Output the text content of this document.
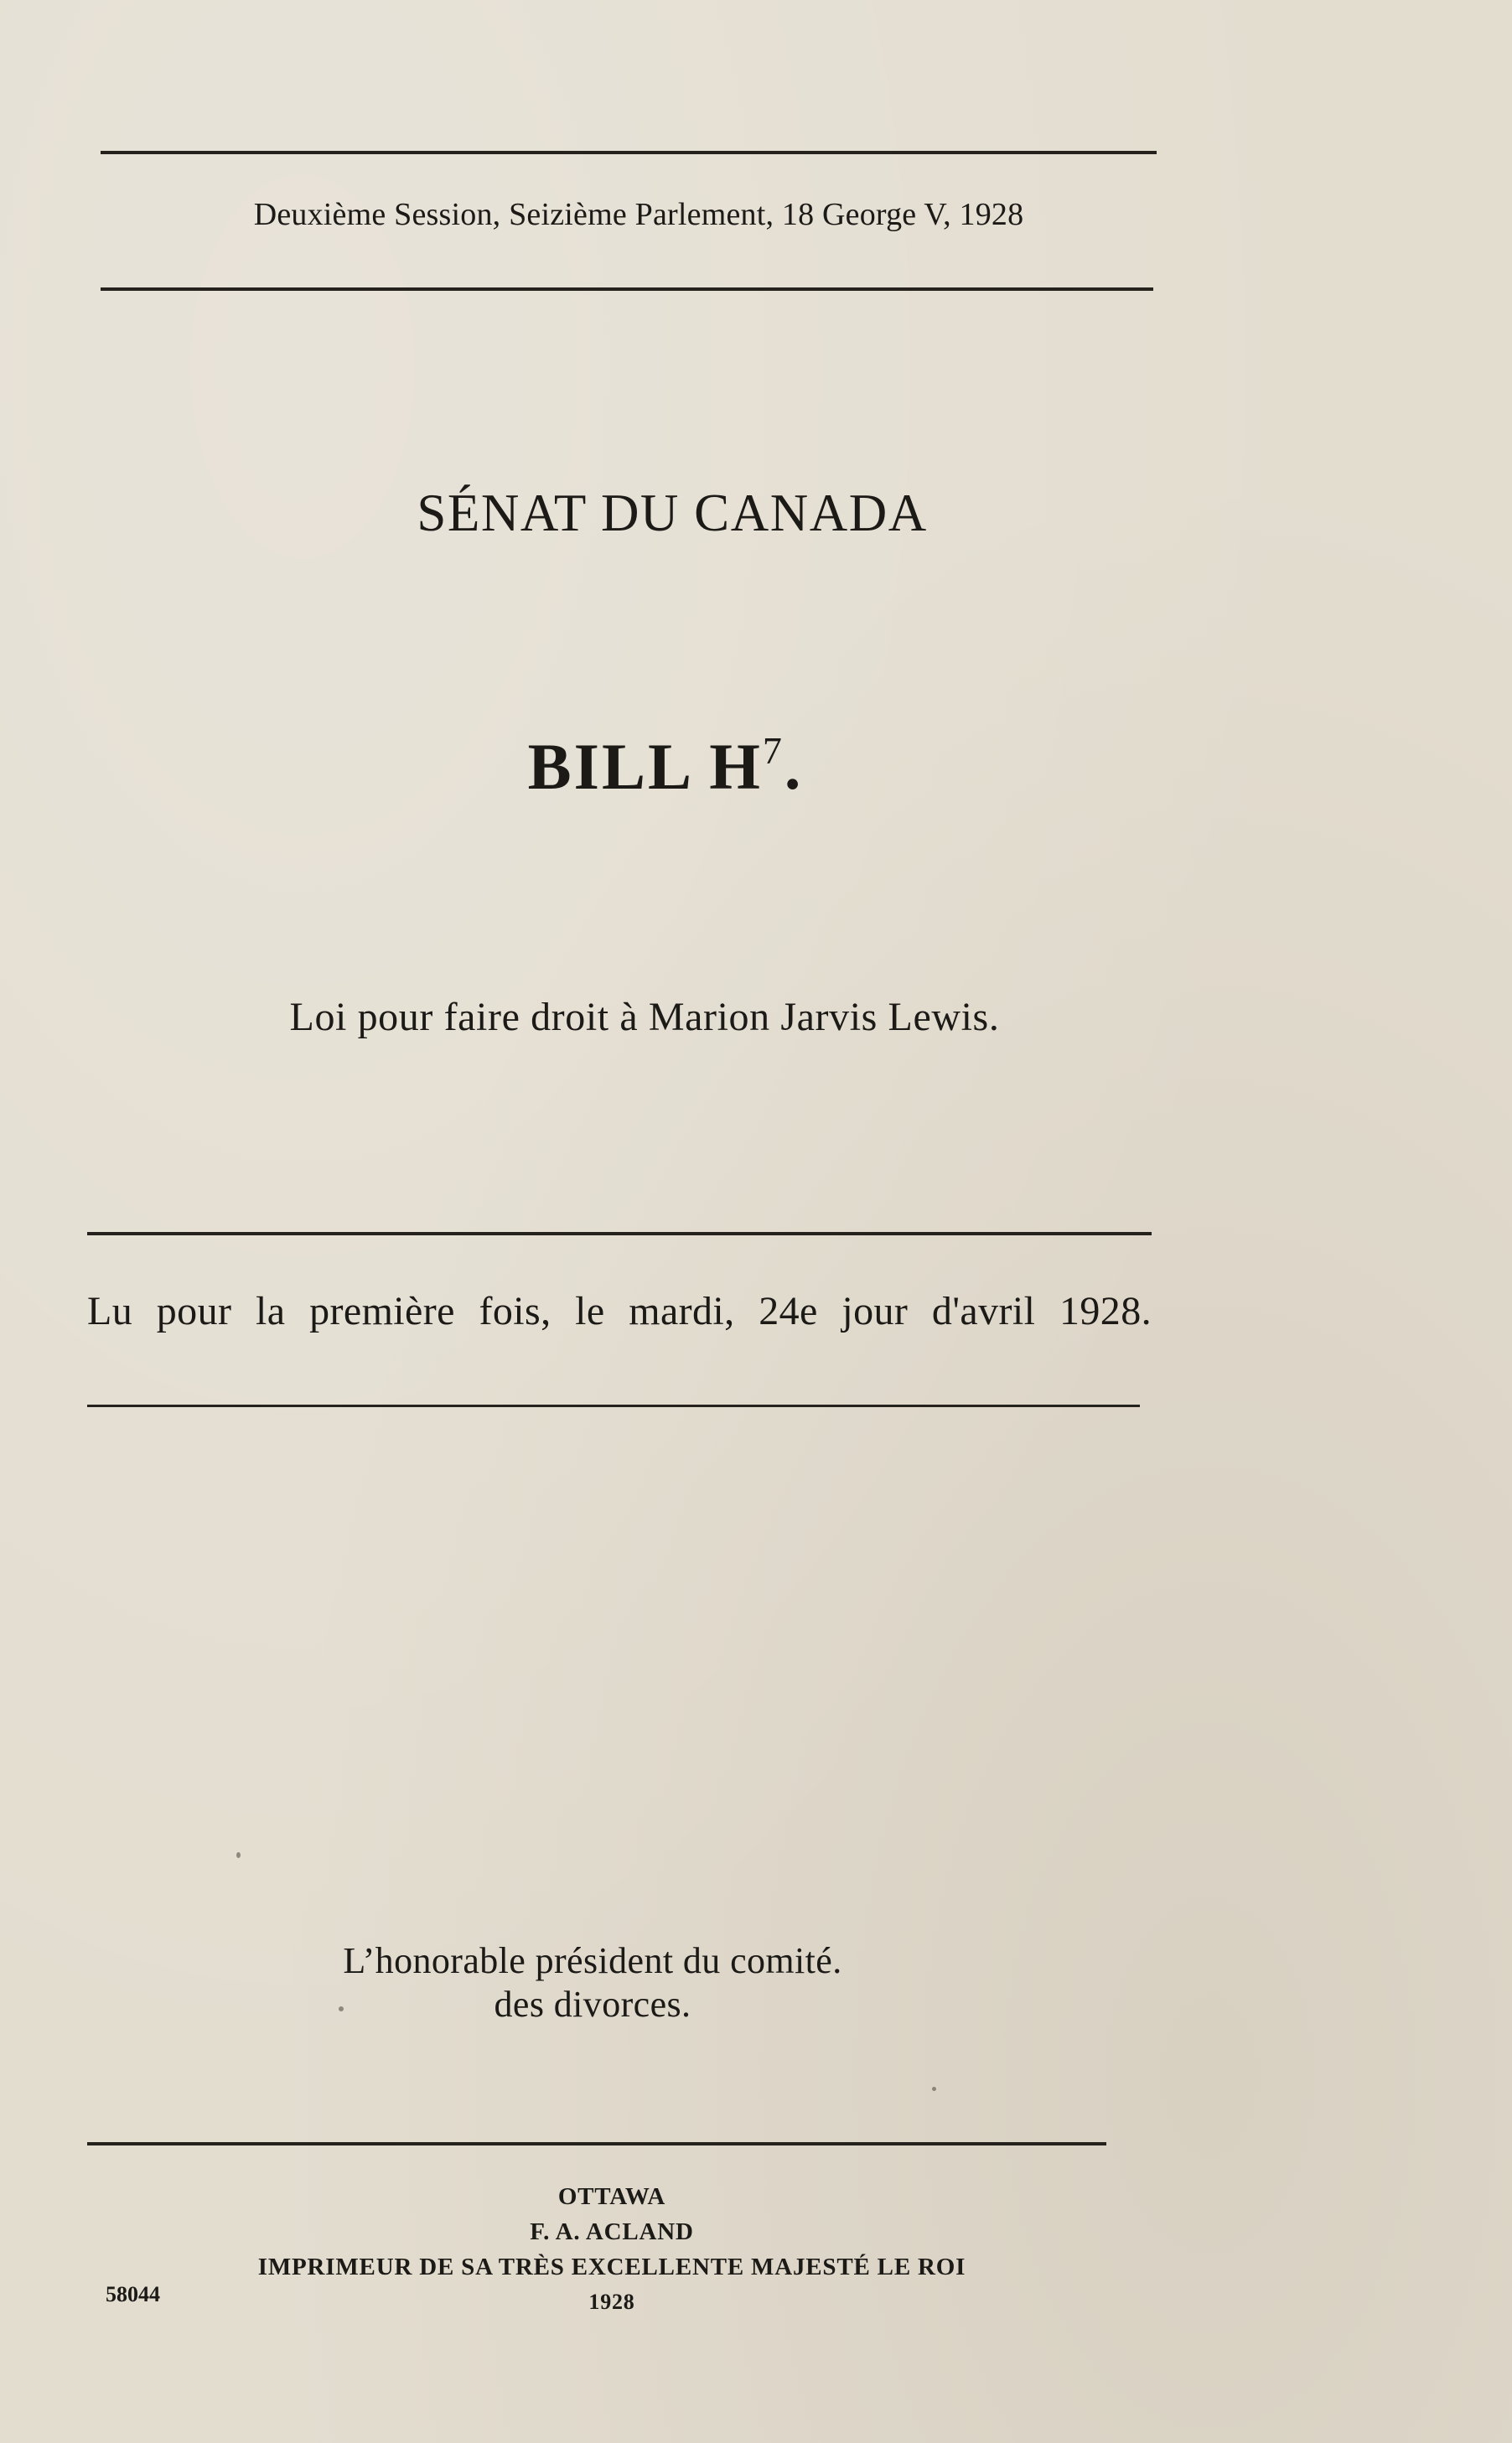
Deuxième Session, Seizième Parlement, 18 George V, 1928
SÉNAT DU CANADA
BILL $H^7$.
Loi pour faire droit à Marion Jarvis Lewis.
Lu pour la première fois, le mardi, 24e jour d'avril 1928.
L’honorable président du comité.
des divorces.
OTTAWA
F. A. ACLAND
IMPRIMEUR DE SA TRÈS EXCELLENTE MAJESTÉ LE ROI
1928
58044
